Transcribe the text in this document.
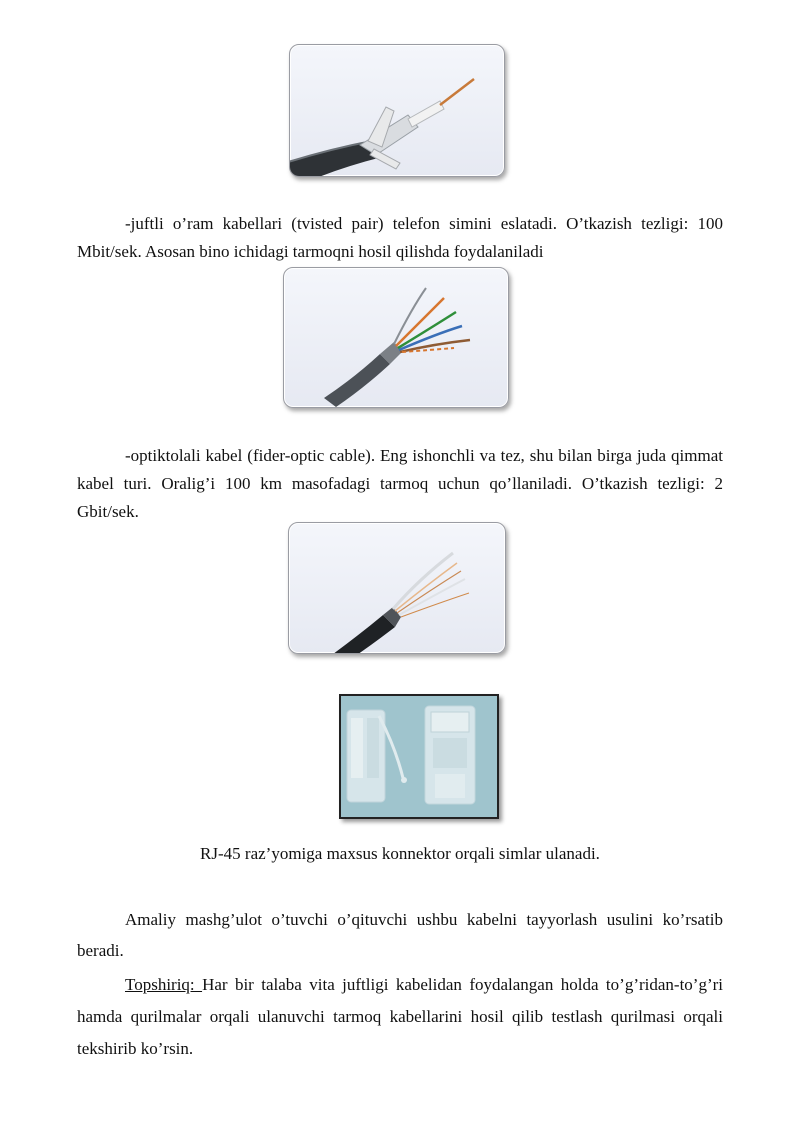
-juftli o’ram kabellari (tvisted pair) telefon simini eslatadi. O’tkazish tezligi: 100 Mbit/sek. Asosan bino ichidagi tarmoqni hosil qilishda foydalaniladi

-optiktolali kabel (fider-optic cable). Eng ishonchli va tez, shu bilan birga juda qimmat kabel turi. Oralig’i 100 km masofadagi tarmoq uchun qo’llaniladi. O’tkazish tezligi: 2 Gbit/sek.

RJ-45 raz’yomiga maxsus konnektor orqali simlar ulanadi.

Amaliy mashg’ulot o’tuvchi o’qituvchi ushbu kabelni tayyorlash usulini ko’rsatib beradi.

Topshiriq: Har bir talaba vita juftligi kabelidan foydalangan holda to’g’ridan-to’g’ri hamda qurilmalar orqali ulanuvchi tarmoq kabellarini hosil qilib testlash qurilmasi orqali tekshirib ko’rsin.
